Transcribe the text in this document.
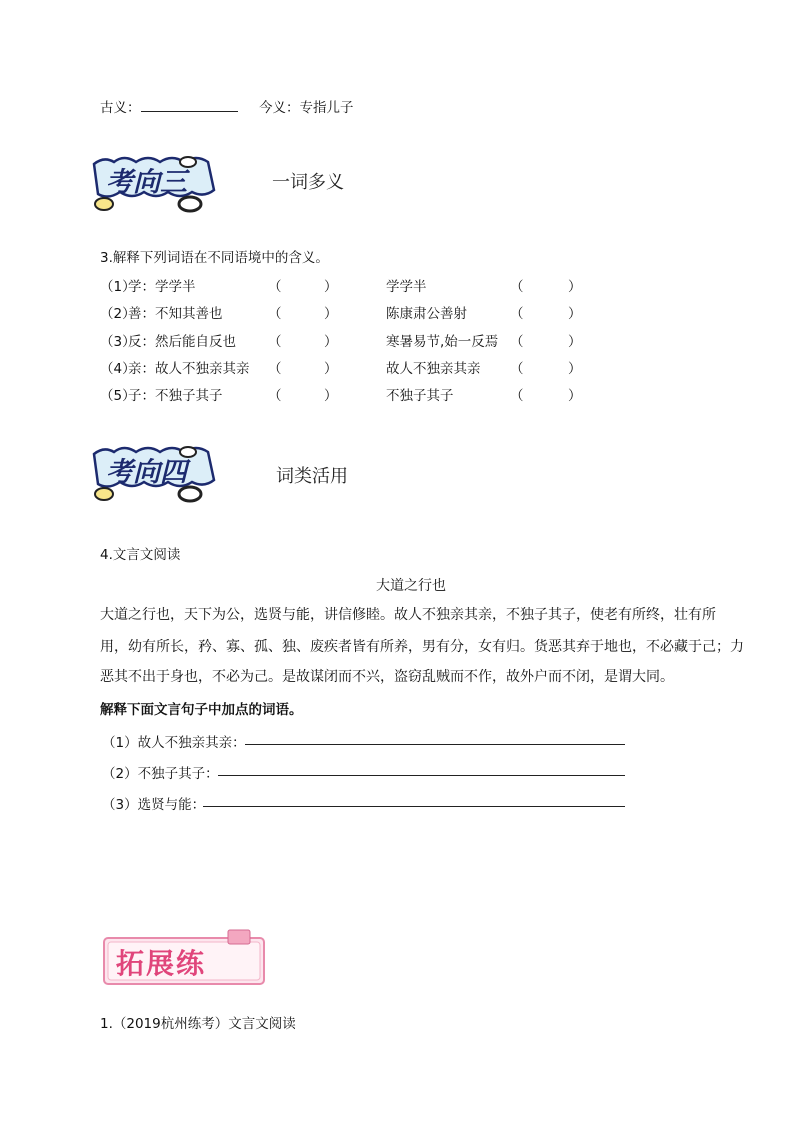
古义：	今义：专指儿子
考向三	一词多义
3.解释下列词语在不同语境中的含义。
（1）
学：学学半	（	）	学学半	（	）
（2）
善：不知其善也	（	）	陈康肃公善射	（	）
（3）
反：然后能自反也 （	）	寒暑易节,始一反焉 （	）
（4）
亲：故人不独亲其亲 （	）	故人不独亲其亲 （	）
（5）
子：不独子其子	（	）	不独子其子	（	）
考向四	词类活用
4.文言文阅读
大道之行也
大道之行也，天下为公，选贤与能，讲信修睦。故人不独亲其亲，不独子其子，使老有所终，壮有所
用，幼有所长，矜、寡、孤、独、废疾者皆有所养，男有分，女有归。货恶其弃于地也，不必藏于己；力
恶其不出于身也，不必为己。是故谋闭而不兴，盗窃乱贼而不作，故外户而不闭，是谓大同。
解释下面文言句子中加点的词语。
（1）故人不独亲其亲：
（2）不独子其子：
（3）选贤与能：
拓展练
1.（2019杭州练考）文言文阅读
